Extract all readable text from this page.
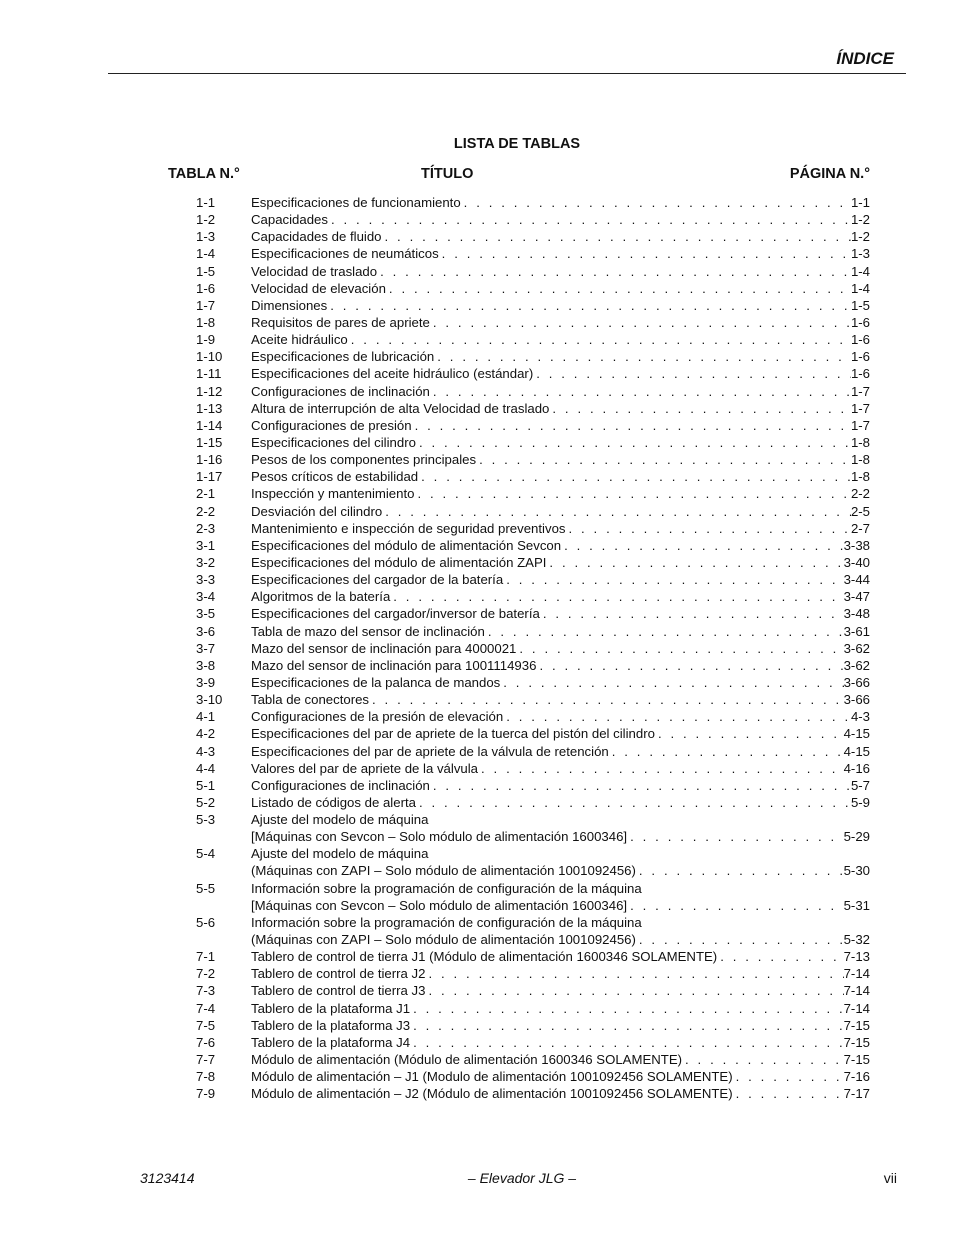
ÍNDICE
LISTA DE TABLAS
TABLA N.°	TÍTULO	PÁGINA N.°
1-1	Especificaciones de funcionamiento . . .	1-1
1-2	Capacidades . . .	1-2
1-3	Capacidades de fluido . . .	1-2
1-4	Especificaciones de neumáticos . . .	1-3
1-5	Velocidad de traslado . . .	1-4
1-6	Velocidad de elevación . . .	1-4
1-7	Dimensiones . . .	1-5
1-8	Requisitos de pares de apriete . . .	1-6
1-9	Aceite hidráulico . . .	1-6
1-10	Especificaciones de lubricación . . .	1-6
1-11	Especificaciones del aceite hidráulico (estándar) . . .	1-6
1-12	Configuraciones de inclinación . . .	1-7
1-13	Altura de interrupción de alta Velocidad de traslado . . .	1-7
1-14	Configuraciones de presión . . .	1-7
1-15	Especificaciones del cilindro . . .	1-8
1-16	Pesos de los componentes principales . . .	1-8
1-17	Pesos críticos de estabilidad . . .	1-8
2-1	Inspección y mantenimiento . . .	2-2
2-2	Desviación del cilindro . . .	2-5
2-3	Mantenimiento e inspección de seguridad preventivos . . .	2-7
3-1	Especificaciones del módulo de alimentación Sevcon . . .	3-38
3-2	Especificaciones del módulo de alimentación ZAPI . . .	3-40
3-3	Especificaciones del cargador de la batería . . .	3-44
3-4	Algoritmos de la batería . . .	3-47
3-5	Especificaciones del cargador/inversor de batería . . .	3-48
3-6	Tabla de mazo del sensor de inclinación . . .	3-61
3-7	Mazo del sensor de inclinación para 4000021 . . .	3-62
3-8	Mazo del sensor de inclinación para 1001114936 . . .	3-62
3-9	Especificaciones de la palanca de mandos . . .	3-66
3-10	Tabla de conectores . . .	3-66
4-1	Configuraciones de la presión de elevación . . .	4-3
4-2	Especificaciones del par de apriete de la tuerca del pistón del cilindro . . .	4-15
4-3	Especificaciones del par de apriete de la válvula de retención . . .	4-15
4-4	Valores del par de apriete de la válvula . . .	4-16
5-1	Configuraciones de inclinación . . .	5-7
5-2	Listado de códigos de alerta . . .	5-9
5-3	Ajuste del modelo de máquina
[Máquinas con Sevcon – Solo módulo de alimentación 1600346] . . .	5-29
5-4	Ajuste del modelo de máquina
(Máquinas con ZAPI – Solo módulo de alimentación 1001092456) . . .	5-30
5-5	Información sobre la programación de configuración de la máquina
[Máquinas con Sevcon – Solo módulo de alimentación 1600346] . . .	5-31
5-6	Información sobre la programación de configuración de la máquina
(Máquinas con ZAPI – Solo módulo de alimentación 1001092456) . . .	5-32
7-1	Tablero de control de tierra J1 (Módulo de alimentación 1600346 SOLAMENTE) . . .	7-13
7-2	Tablero de control de tierra J2 . . .	7-14
7-3	Tablero de control de tierra J3 . . .	7-14
7-4	Tablero de la plataforma J1 . . .	7-14
7-5	Tablero de la plataforma J3 . . .	7-15
7-6	Tablero de la plataforma J4 . . .	7-15
7-7	Módulo de alimentación (Módulo de alimentación 1600346 SOLAMENTE) . . .	7-15
7-8	Módulo de alimentación – J1 (Modulo de alimentación 1001092456 SOLAMENTE) . . .	7-16
7-9	Módulo de alimentación – J2 (Módulo de alimentación 1001092456 SOLAMENTE) . . .	7-17
3123414	– Elevador JLG –	vii
